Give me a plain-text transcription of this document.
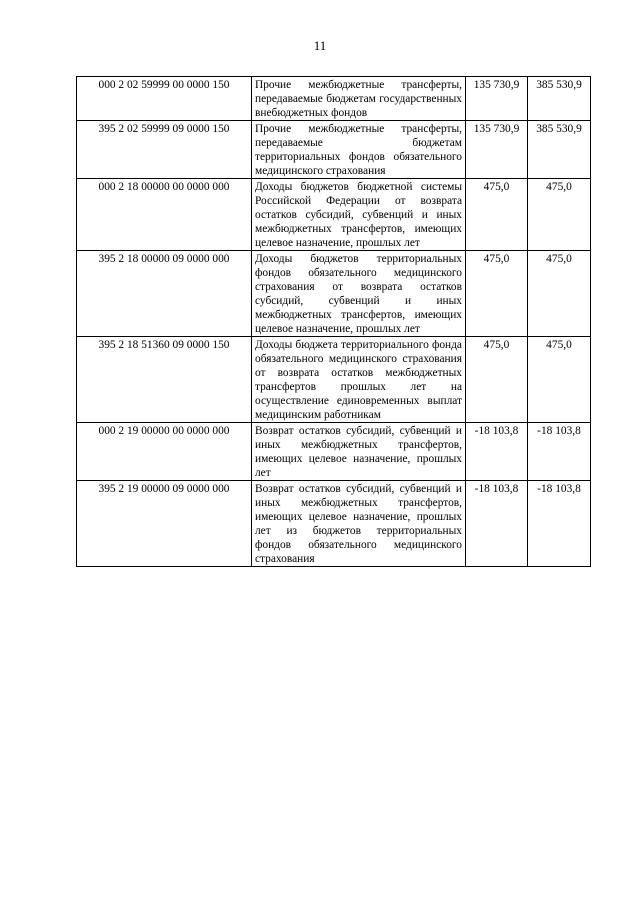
11
000 2 02 59999 00 0000 150	Прочие межбюджетные трансферты, передаваемые бюджетам государственных внебюджетных фондов	135 730,9	385 530,9
395 2 02 59999 09 0000 150	Прочие межбюджетные трансферты, передаваемые бюджетам территориальных фондов обязательного медицинского страхования	135 730,9	385 530,9
000 2 18 00000 00 0000 000	Доходы бюджетов бюджетной системы Российской Федерации от возврата остатков субсидий, субвенций и иных межбюджетных трансфертов, имеющих целевое назначение, прошлых лет	475,0	475,0
395 2 18 00000 09 0000 000	Доходы бюджетов территориальных фондов обязательного медицинского страхования от возврата остатков субсидий, субвенций и иных межбюджетных трансфертов, имеющих целевое назначение, прошлых лет	475,0	475,0
395 2 18 51360 09 0000 150	Доходы бюджета территориального фонда обязательного медицинского страхования от возврата остатков межбюджетных трансфертов прошлых лет на осуществление единовременных выплат медицинским работникам	475,0	475,0
000 2 19 00000 00 0000 000	Возврат остатков субсидий, субвенций и иных межбюджетных трансфертов, имеющих целевое назначение, прошлых лет	-18 103,8	-18 103,8
395 2 19 00000 09 0000 000	Возврат остатков субсидий, субвенций и иных межбюджетных трансфертов, имеющих целевое назначение, прошлых лет из бюджетов территориальных фондов обязательного медицинского страхования	-18 103,8	-18 103,8
